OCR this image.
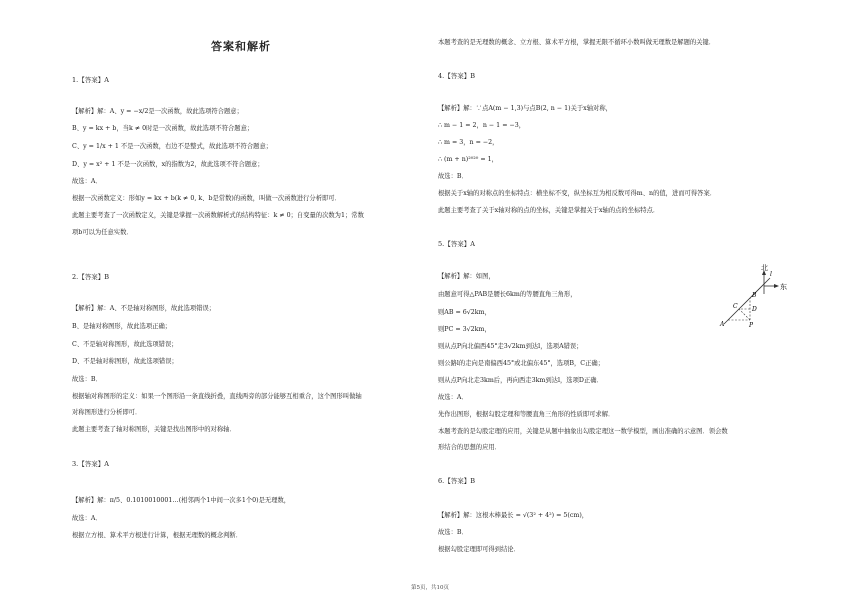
答案和解析
1.【答案】A
【解析】解：A、y = −x/2是一次函数，故此选项符合题意；
B、y = kx + b，当k ≠ 0时是一次函数，故此选项不符合题意；
C、y = 1/x + 1 不是一次函数，右边不是整式，故此选项不符合题意；
D、y = x² + 1 不是一次函数，x的指数为2，故此选项不符合题意；
故选：A．
根据一次函数定义：形如y = kx + b(k ≠ 0, k、b是常数)的函数，叫做一次函数进行分析即可．
此题主要考查了一次函数定义，关键是掌握一次函数解析式的结构特征：k ≠ 0；自变量的次数为1；常数
项b可以为任意实数．
2.【答案】B
【解析】解：A、不是轴对称图形，故此选项错误；
B、是轴对称图形，故此选项正确；
C、不是轴对称图形，故此选项错误；
D、不是轴对称图形，故此选项错误；
故选：B．
根据轴对称图形的定义：如果一个图形沿一条直线折叠，直线两旁的部分能够互相重合，这个图形叫做轴
对称图形进行分析即可．
此题主要考查了轴对称图形，关键是找出图形中的对称轴．
3.【答案】A
【解析】解：π/5、0.1010010001…(相邻两个1中间一次多1个0)是无理数，
故选：A．
根据立方根、算术平方根进行计算，根据无理数的概念判断．
本题考查的是无理数的概念、立方根、算术平方根，掌握无限不循环小数叫做无理数是解题的关键．
4.【答案】B
【解析】解：∵点A(m − 1,3)与点B(2, n − 1)关于x轴对称，
∴ m − 1 = 2，n − 1 = −3，
∴ m = 3，n = −2，
∴ (m + n)²⁰²⁰ = 1，
故选：B．
根据关于x轴的对称点的坐标特点：横坐标不变，纵坐标互为相反数可得m、n的值，进而可得答案．
此题主要考查了关于x轴对称的点的坐标，关键是掌握关于x轴的点的坐标特点．
5.【答案】A
【解析】解：如图，
由题意可得△PAB是腰长6km的等腰直角三角形，
则AB = 6√2km，
则PC = 3√2km，
则从点P向北偏西45°走3√2km到达l，选项A错误；
则公路l的走向是南偏西45°或北偏东45°，选项B，C正确；
则从点P向北走3km后，再向西走3km到达l，选项D正确．
故选：A．
先作出图形，根据勾股定理和等腰直角三角形的性质即可求解．
本题考查的是勾股定理的应用，关键是从题中抽象出勾股定理这一数学模型，画出准确的示意图．领会数
形结合的思想的应用．
6.【答案】B
【解析】解：这根木棒最长 = √(3² + 4²) = 5(cm)，
故选：B．
根据勾股定理即可得到结论．
北
东
A
B
C D
P
l
第5页，共10页
